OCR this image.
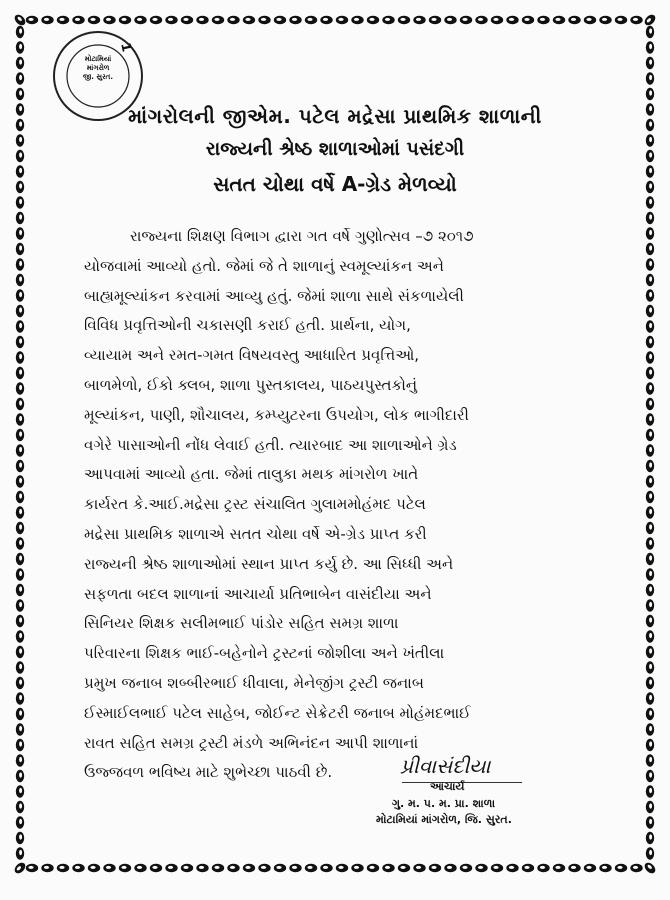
મોટામિયાં
માંગરોળ
જી. સુરત.
1
માંગરોલની જીએમ. પટેલ મદ્રેસા પ્રાથમિક શાળાની
રાજ્યની શ્રેષ્ઠ શાળાઓમાં પસંદગી
સતત ચોથા વર્ષે A-ગ્રેડ મેળવ્યો
રાજ્યના શિક્ષણ વિભાગ દ્વારા ગત વર્ષે ગુણોત્સવ –૭ ૨૦૧૭
યોજવામાં આવ્યો હતો. જેમાં જે તે શાળાનું સ્વમૂલ્યાંકન અને
બાહ્યમૂલ્યાંકન કરવામાં આવ્યુ હતું. જેમાં શાળા સાથે સંકળાયેલી
વિવિધ પ્રવૃત્તિઓની ચકાસણી કરાઈ હતી. પ્રાર્થના, યોગ,
વ્યાયામ અને રમત-ગમત વિષયવસ્તુ આધારિત પ્રવૃત્તિઓ,
બાળમેળો, ઈકો ક્લબ, શાળા પુસ્તકાલય, પાઠયપુસ્તકોનું
મૂલ્યાંકન, પાણી, શૌચાલય, કમ્પ્યુટરના ઉપયોગ, લોક ભાગીદારી
વગેરે પાસાઓની નોંધ લેવાઈ હતી. ત્યારબાદ આ શાળાઓને ગ્રેડ
આપવામાં આવ્યો હતા. જેમાં તાલુકા મથક માંગરોળ ખાતે
કાર્યરત કે.આઈ.મદ્રેસા ટ્રસ્ટ સંચાલિત ગુલામમોહંમદ પટેલ
મદ્રેસા પ્રાથમિક શાળાએ સતત ચોથા વર્ષે એ-ગ્રેડ પ્રાપ્ત કરી
રાજ્યની શ્રેષ્ઠ શાળાઓમાં સ્થાન પ્રાપ્ત કર્યુ છે. આ સિધ્ધી અને
સફળતા બદલ શાળાનાં આચાર્યા પ્રતિભાબેન વાસંદીયા અને
સિનિયર શિક્ષક સલીમભાઈ પાંડોર સહિત સમગ્ર શાળા
પરિવારના શિક્ષક ભાઈ-બહેનોને ટ્રસ્ટનાં જોશીલા અને ખંતીલા
પ્રમુખ જનાબ શબ્બીરભાઈ ધીવાલા, મેનેજીંગ ટ્રસ્ટી જનાબ
ઈસ્માઈલભાઈ પટેલ સાહેબ, જોઈન્ટ સેક્રેટરી જનાબ મોહંમદભાઈ
રાવત સહિત સમગ્ર ટ્રસ્ટી મંડળે અભિનંદન આપી શાળાનાં
ઉજ્જવળ ભવિષ્ય માટે શુભેચ્છા પાઠવી છે.	પ્રીવાસંદીયા
આચાર્ય
ગુ. મ. પ. મ. પ્રા. શાળા
મોટામિયાં માંગરોળ, જિ. સુરત.
